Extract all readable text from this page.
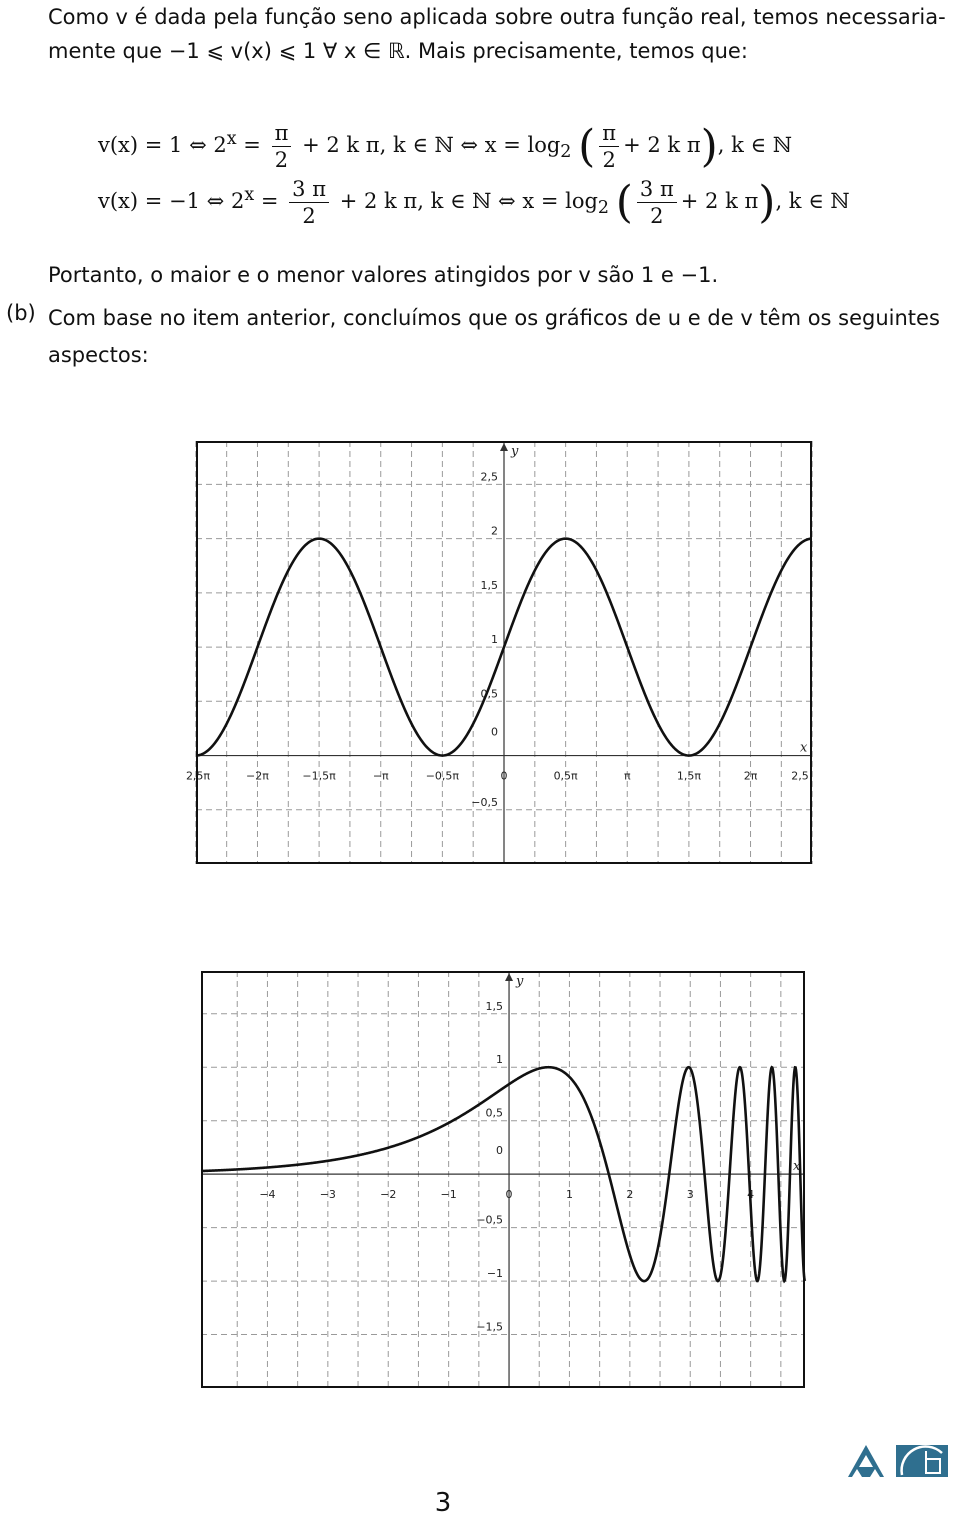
Como v é dada pela função seno aplicada sobre outra função real, temos necessaria-
mente que −1 ⩽ v(x) ⩽ 1 ∀ x ∈ ℝ. Mais precisamente, temos que:
v(x) = 1 ⇔ $2^x = \frac{\pi}{2} + 2$ k π, k ∈ ℕ ⇔ $x = \log_2$ ( $\frac{\pi}{2} + 2$ k π), k ∈ ℕ
v(x) = −1 ⇔ $2^x = \frac{3 \pi}{2} + 2$ k π, k ∈ ℕ ⇔ $x = \log_2$ ( $\frac{3 \pi}{2} + 2$ k π), k ∈ ℕ
Portanto, o maior e o menor valores atingidos por v são 1 e −1.
(b) Com base no item anterior, concluímos que os gráficos de u e de v têm os seguintes
aspectos:
y
x
2,5π	−2π	−1,5π	−π	−0,5π	0	0,5π	π	1,5π	2π	2,5
2,5
2
1,5
1
0,5
0
−0,5
y
x
−4	−3	−2	−1	0	1	2	3	4
1,5
1
0,5
0
−0,5
−1
−1,5
3
